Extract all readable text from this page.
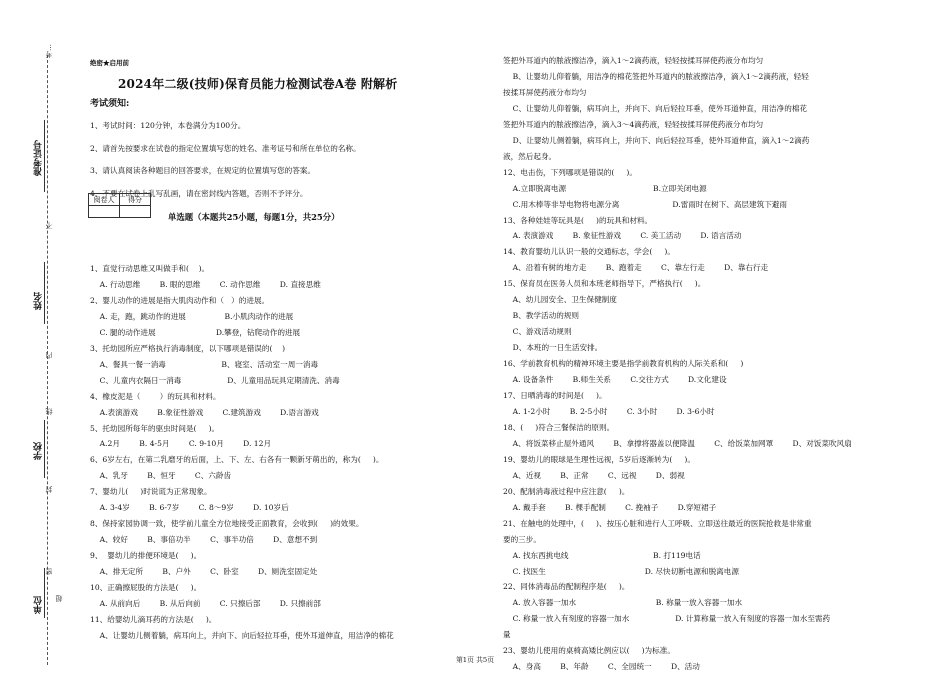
考…
准考证号
不
姓名
内
线
学校
封
密
单位 超
绝密★启用前
2024年二级(技师)保育员能力检测试卷A卷 附解析
考试须知:
1、考试时间：120分钟，本卷满分为100分。
2、请首先按要求在试卷的指定位置填写您的姓名、准考证号和所在单位的名称。
3、请认真阅读各种题目的回答要求，在规定的位置填写您的答案。
4、不要在试卷上乱写乱画，请在密封线内答题，否则不予评分。
阅卷人	得分

单选题（本题共25小题，每题1分，共25分）
1、直觉行动思维又叫做手和(    )。
A. 行动思维        B. 眼的思维        C. 动作思维        D. 直接思维
2、婴儿动作的进展是指大肌肉动作和（   ）的进展。
A. 走，跑，跳动作的进展                B.小肌肉动作的进展
C. 腿的动作进展                         D.攀登，钻爬动作的进展
3、托幼园所应严格执行消毒制度，以下哪项是错误的(    )
A、餐具一餐一消毒                       B、寝室、活动室一周一消毒
C、儿童内衣隔日一消毒                   D、儿童用品玩具定期清洗、消毒
4、橡皮泥是（        ）的玩具和材料。
A.表演游戏        B.象征性游戏        C.建筑游戏        D.语言游戏
5、托幼园所每年的驱虫时间是(     )。
A.2月        B. 4-5月        C. 9-10月        D. 12月
6、6岁左右，在第二乳磨牙的后面，上、下、左、右各有一颗新牙萌出的，称为(     )。
A、乳牙        B、恒牙        C、六龄齿
7、婴幼儿(     )时说谎为正常现象。
A. 3-4岁        B. 6-7岁        C. 8～9岁        D. 10岁后
8、保持家园协调一致，使学前儿童全方位地接受正面教育，会收到(     )的效果。
A、较好        B、事倍功半        C、事半功倍        D、意想不到
9、  婴幼儿的排便环境是(     )。
A、排无定所        B、户外        C、卧室        D、厕洗室固定处
10、正确擦屁股的方法是(     )。
A. 从前向后        B. 从后向前        C. 只擦后部        D. 只擦前部
11、给婴幼儿滴耳药的方法是(     )。
A、让婴幼儿侧着躺，病耳向上，并向下、向后轻拉耳垂，使外耳道伸直，用洁净的棉花
签把外耳道内的脓液擦洁净，滴入1～2滴药液，轻轻按揉耳屏使药液分布均匀
B、让婴幼儿仰着躺，用洁净的棉花签把外耳道内的脓液擦洁净，滴入1～2滴药液，轻轻
按揉耳屏使药液分布均匀
C、让婴幼儿仰着躺，病耳向上，并向下、向后轻拉耳垂，使外耳道伸直，用洁净的棉花
签把外耳道内的脓液擦洁净，滴入3～4滴药液，轻轻按揉耳屏使药液分布均匀
D、让婴幼儿侧着躺，病耳向上，并向下、向后轻拉耳垂，使外耳道伸直，滴入1～2滴药
液，然后起身。
12、电击伤，下列哪项是错误的(     )。
A.立即脱离电源                                    B.立即关闭电源
C.用木棒等非导电物将电源分离                      D.雷雨时在树下、高层建筑下避雨
13、各种娃娃等玩具是(     )的玩具和材料。
A. 表演游戏        B. 象征性游戏        C. 美工活动        D. 语言活动
14、教育婴幼儿认识一般的交通标志，学会(     )。
A、沿着有树的地方走        B、跑着走        C、靠左行走        D、靠右行走
15、保育员在医务人员和本班老师指导下，严格执行(     )。
A、幼儿园安全、卫生保健制度
B、教学活动的规则
C、游戏活动规则
D、本班的一日生活安排。
16、学前教育机构的精神环境主要是指学前教育机构的人际关系和(     )
A. 设备条件        B.师生关系        C.交往方式        D.文化建设
17、日晒消毒的时间是(     )。
A. 1-2小时        B. 2-5小时        C. 3小时        D. 3-6小时
18、(     )符合三餐保洁的原则。
A、将饭菜移止屋外通风        B、拿撑将器盖以便降温        C、给饭菜加网罩        D、对饭菜吹风扇
19、婴幼儿的眼球是生理性远视，5岁后逐渐转为(     )。
A、近视        B、正常        C、远视        D、弱视
20、配制消毒液过程中应注意(     )。
A. 戴手套        B. 棵手配制        C. 挽袖子        D.穿短裙子
21、在触电的处理中，(     )、按压心脏和进行人工呼吸、立即送往最近的医院抢救是非常重
要的三步。
A. 找东西挑电线                                   B. 打119电话
C. 找医生                                         D. 尽快切断电源和脱离电源
22、同体消毒品的配制程序是(     )。
A. 放入容器一加水                                 B. 称量一放入容器一加水
C. 称量一放入有刻度的容器一加水                   D. 计算称量一放入有刻度的容器一加水至需药
量
23、婴幼儿使用的桌椅高矮比例应以(     )为标准。
A、身高        B、年龄        C、全园统一        D、活动
第1页 共5页
